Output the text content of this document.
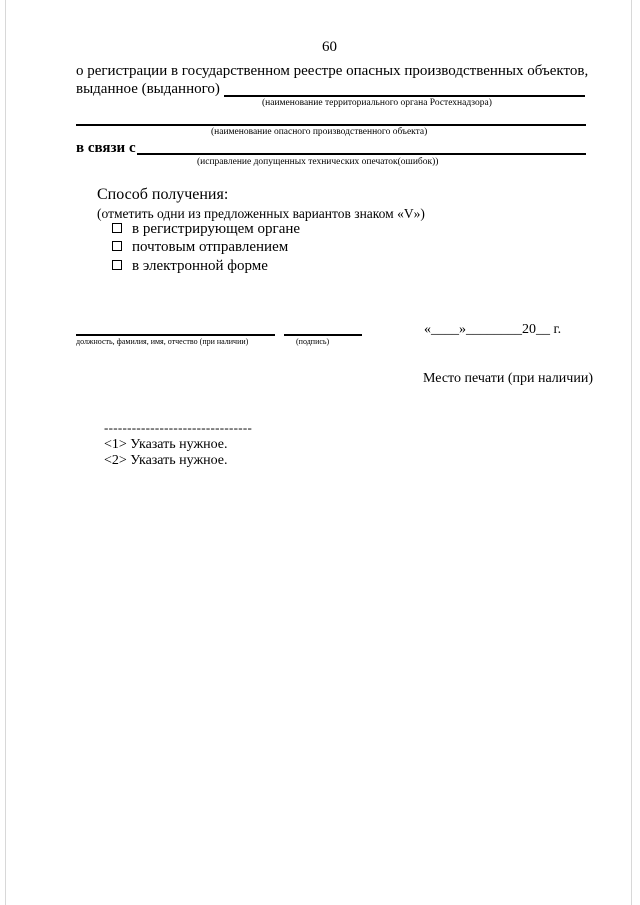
60
о регистрации в государственном реестре опасных производственных объектов,
выданное (выданного)
(наименование территориального органа Ростехнадзора)
(наименование опасного производственного объекта)
в связи с
(исправление допущенных технических опечаток(ошибок))
Способ получения:
(отметить одни из предложенных вариантов знаком «V»)
в регистрирующем органе
почтовым отправлением
в электронной форме
должность, фамилия, имя, отчество (при наличии)	(подпись)
«____»________20__ г.
Место печати (при наличии)
--------------------------------
<1> Указать нужное.
<2> Указать нужное.
